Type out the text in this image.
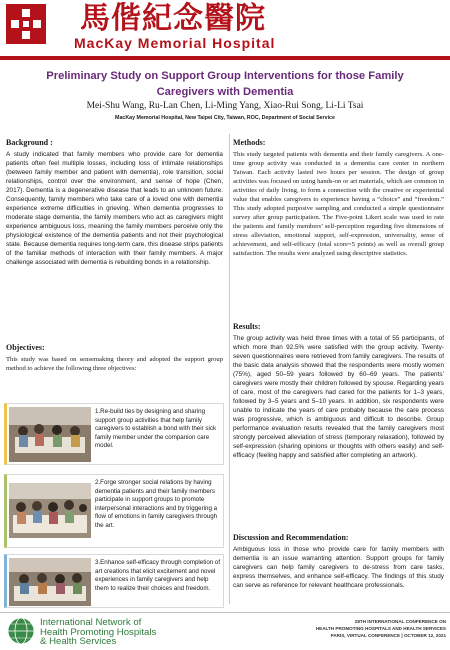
馬偕紀念醫院
MacKay Memorial Hospital
Preliminary Study on Support Group Interventions for those Family Caregivers with Dementia
Mei-Shu Wang, Ru-Lan Chen, Li-Ming Yang, Xiao-Rui Song, Li-Li Tsai
MacKay Memorial Hospital, New Taipei City, Taiwan, ROC, Department of Social Service
Background :

A study indicated that family members who provide care for dementia patients often feel multiple losses, including loss of intimate relationships (between family member and patient with dementia), role transition, social relationships, control over the environment, and sense of hope (Chen, 2017). Dementia is a degenerative disease that leads to an unknown future. Consequently, family members who take care of a loved one with dementia experience extreme difficulties in grieving. When dementia progresses to moderate stage dementia, the family members who act as caregivers might experience ambiguous loss, meaning the family members perceive only the physiological existence of the dementia patients and not their psychological state. Because dementia requires long-term care, this disease strips patients of the familiar methods of interaction with their family members. A major challenge associated with dementia is rebuilding bonds in a relationship.

Objectives:

This study was based on sensemaking theory and adopted the support group method to achieve the following three objectives:

1.Re-build ties by designing and sharing support group activities that help family caregivers to establish a bond with their sick family member under the companion care model.
2.Forge stronger social relations by having dementia patients and their family members participate in support groups to promote interpersonal interactions and by triggering a flow of emotions in family caregivers through the art.
3.Enhance self-efficacy through completion of art creations that elicit excitement and novel experiences in family caregivers and help them to realize their choices and freedom.
Methods:

This study targeted patients with dementia and their family caregivers. A one-time group activity was conducted in a dementia care center in northern Taiwan. Each activity lasted two hours per session. The design of group activities was focused on using hands-on or art materials, which are common in activities of daily living, to form a connection with the creative or experiential value that enables caregivers to experience having a “choice” and “freedom.” This study adopted purposive sampling and conducted a simple questionnaire survey after group participation. The Five-point Likert scale was used to rate the patients and family members’ self-perception regarding five dimensions of stress alleviation, emotional support, self-expression, universality, sense of achievement, and self-efficacy (total score=5 points) as well as overall group satisfaction. The results were analyzed using descriptive statistics.

Results:

The group activity was held three times with a total of 55 participants, of which more than 92.5% were satisfied with the group activity. Twenty-seven questionnaires were retrieved from family caregivers. The results of the basic data analysis showed that the respondents were mostly women (75%), aged 50–59 years followed by 60–69 years. The patients’ caregivers were mostly their children followed by spouse. Regarding years of care, most of the caregivers had cared for the patients for 1–3 years, followed by 3–5 years and 5–10 years. In addition, six respondents were unable to indicate the years of care probably because the care process was progressive, which is ambiguous and difficult to describe. Group performance evaluation results revealed that the family caregivers most strongly perceived alleviation of stress (temporary relaxation), followed by self-expression (sharing opinions or thoughts with others easily) and self-efficacy (feeling happy and satisfied after completing an artwork).

Discussion and Recommendation:

Ambiguous loss in those who provide care for family members with dementia is an issue warranting attention. Support groups for family caregivers can help family caregivers to de-stress from care tasks, express themselves, and enhance self-efficacy. The findings of this study can serve as reference for relevant healthcare professionals.

International Network of
Health Promoting Hospitals
& Health Services
28TH INTERNATIONAL CONFERENCE ON
HEALTH PROMOTING HOSPITALS AND HEALTH SERVICES
PARIS, VIRTUAL CONFERENCE | OCTOBER 12, 2021
